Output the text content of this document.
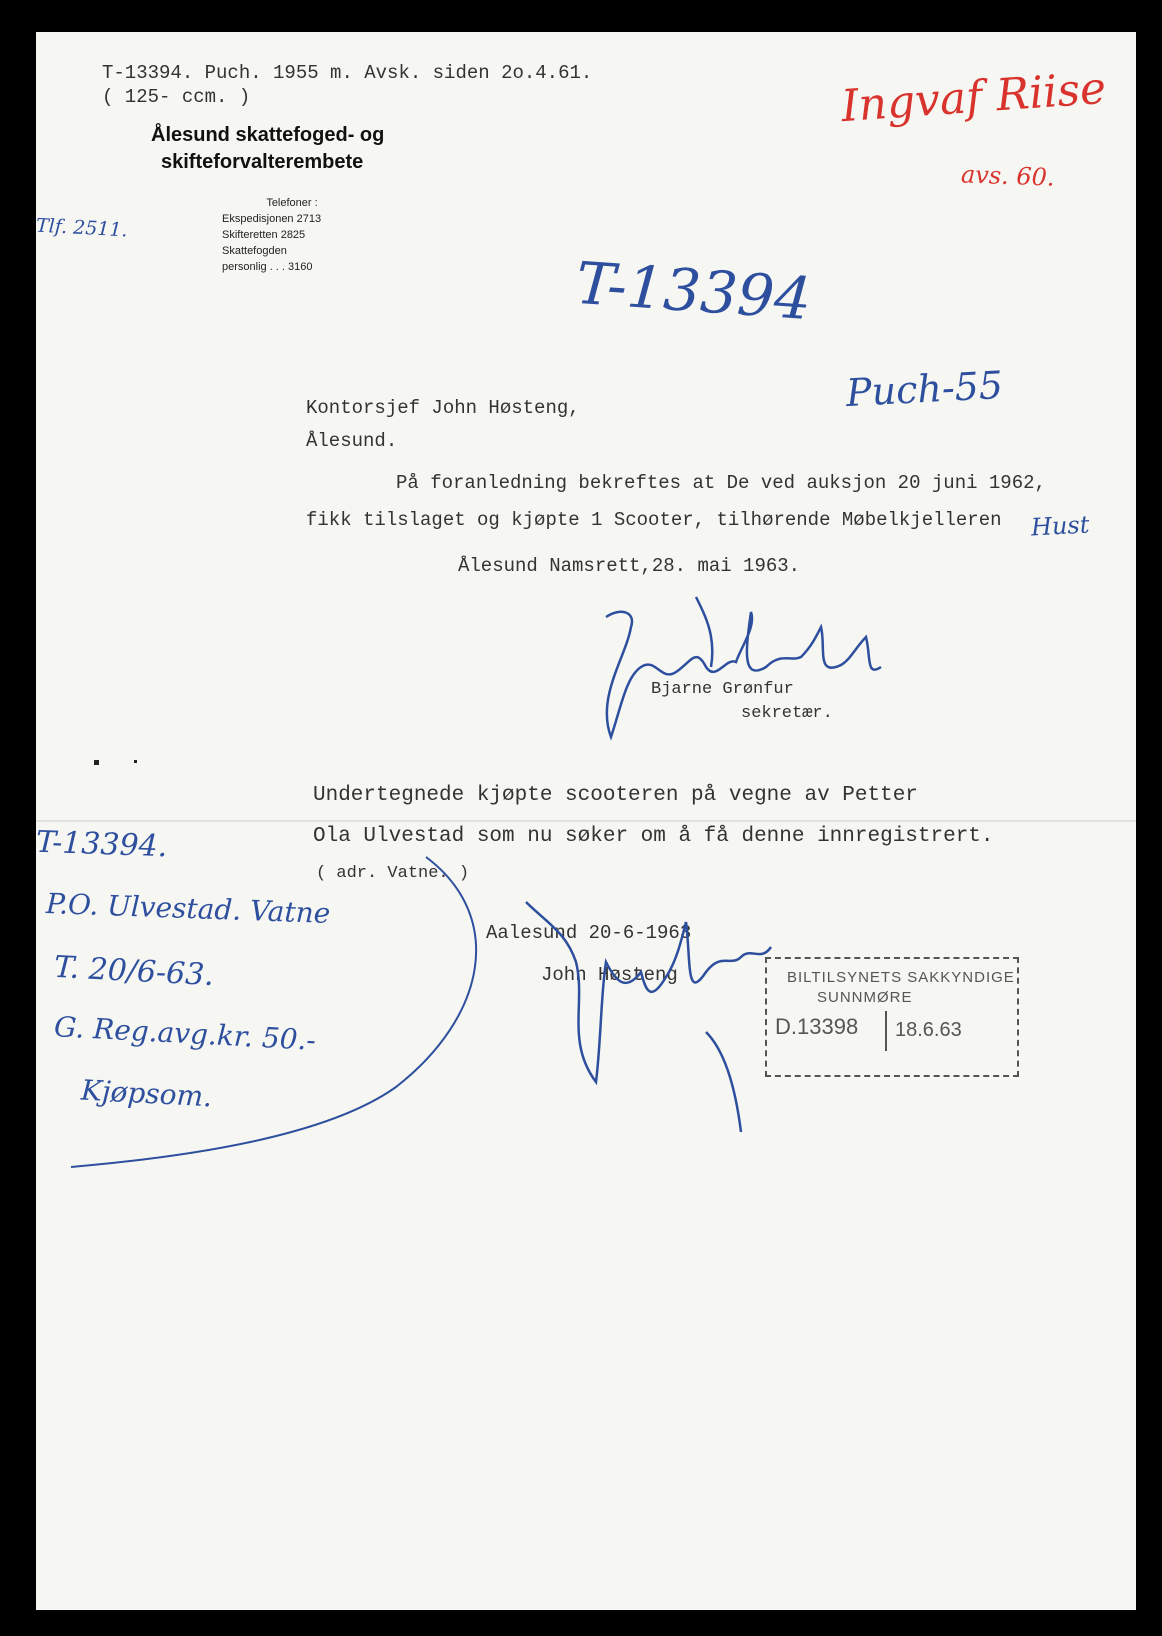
T-13394. Puch. 1955 m. Avsk. siden 2o.4.61.
( 125- ccm. )
Ålesund skattefoged- og
skifteforvalterembete
Telefoner :
Ekspedisjonen 2713
Skifteretten 2825
Skattefogden
personlig . . . 3160
Tlf. 2511.
Ingvaf Riise
avs. 60.
T-13394
Puch-55
Hust
Kontorsjef John Høsteng,
Ålesund.
På foranledning bekreftes at De ved auksjon 20 juni 1962,
fikk tilslaget og kjøpte 1 Scooter, tilhørende Møbelkjelleren
Ålesund Namsrett,28. mai 1963.
Bjarne Grønfur
sekretær.
Undertegnede kjøpte scooteren på vegne av Petter
Ola Ulvestad som nu søker om å få denne innregistrert.
( adr. Vatne. )
Aalesund 20-6-1963
John Høsteng
T-13394.
P.O. Ulvestad. Vatne
T. 20/6-63.
G. Reg.avg.kr. 50.-
Kjøpsom.
BILTILSYNETS SAKKYNDIGE
SUNNMØRE
D.13398 18.6.63
